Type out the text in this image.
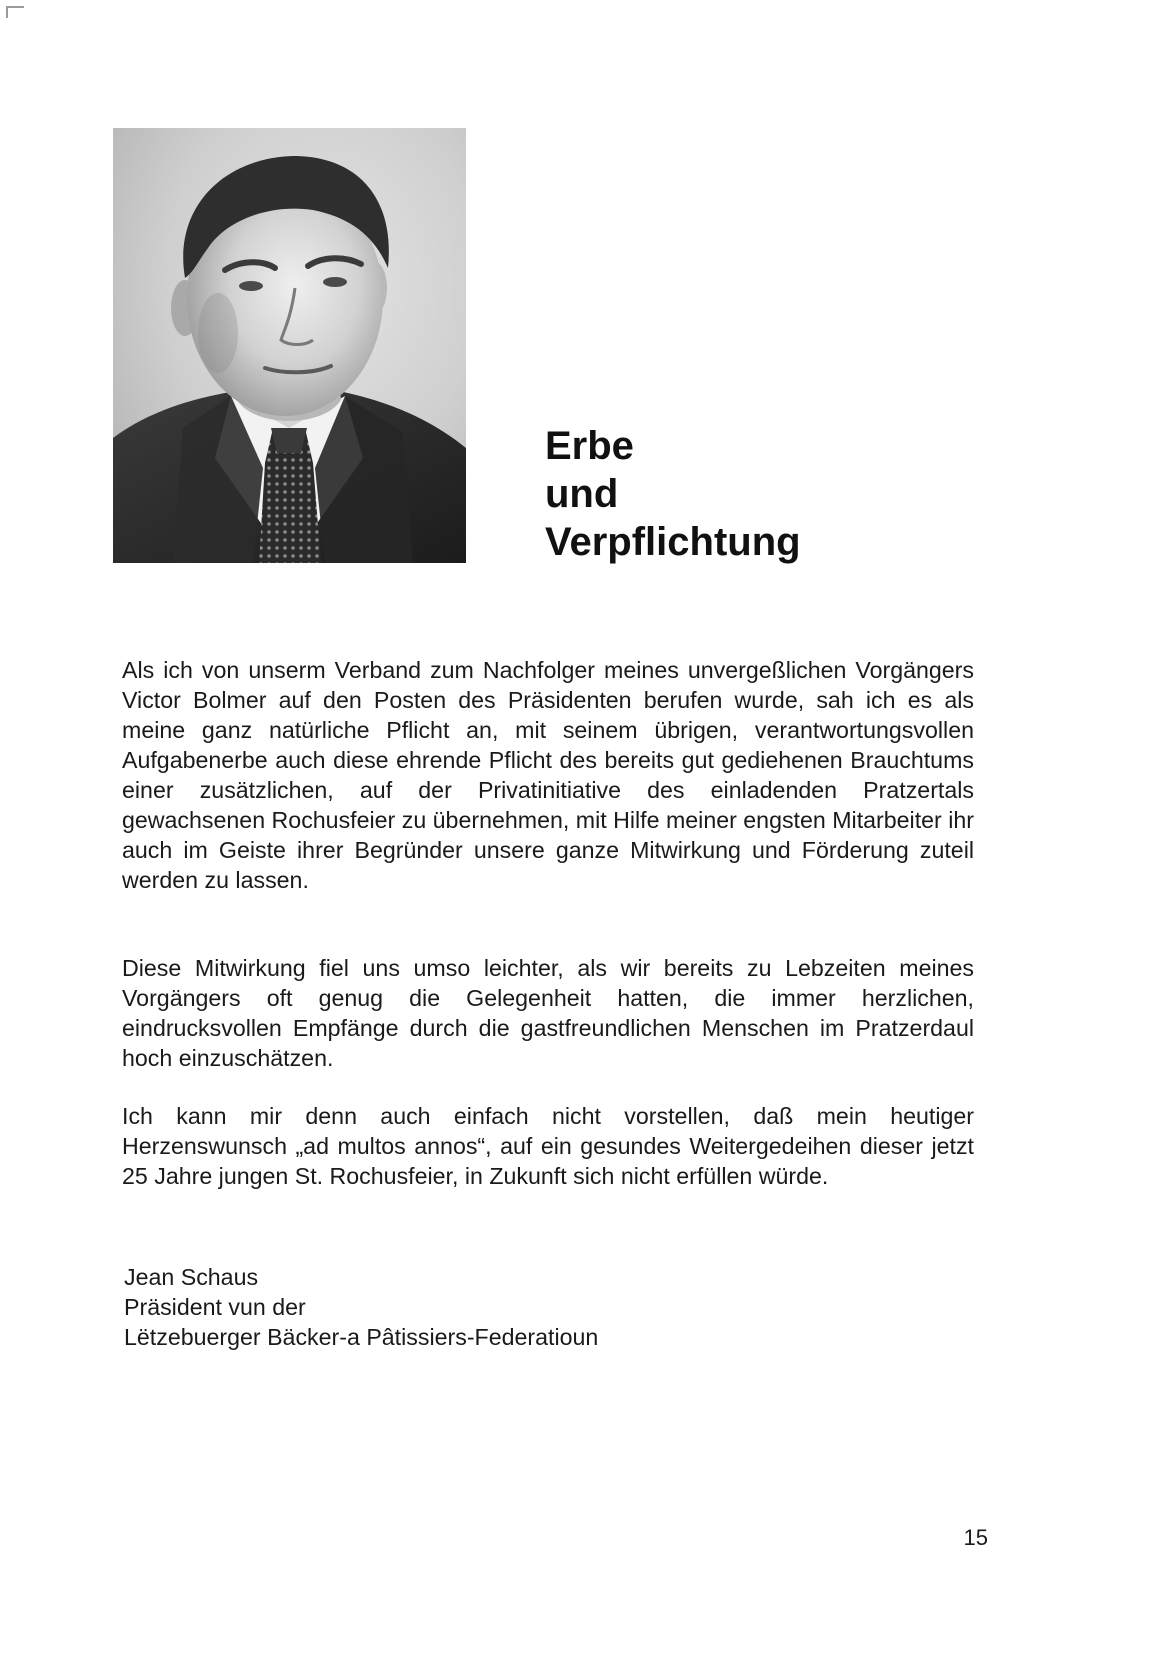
Erbe
und
Verpflichtung

Als ich von unserm Verband zum Nachfolger meines unvergeßlichen Vorgängers Victor Bolmer auf den Posten des Präsidenten berufen wurde, sah ich es als meine ganz natürliche Pflicht an, mit seinem übrigen, verantwortungsvollen Aufgabenerbe auch diese ehrende Pflicht des bereits gut gediehenen Brauchtums einer zusätzlichen, auf der Privatinitiative des einladenden Pratzertals gewachsenen Rochusfeier zu übernehmen, mit Hilfe meiner engsten Mitarbeiter ihr auch im Geiste ihrer Begründer unsere ganze Mitwirkung und Förderung zuteil werden zu lassen.

Diese Mitwirkung fiel uns umso leichter, als wir bereits zu Lebzeiten meines Vorgängers oft genug die Gelegenheit hatten, die immer herzlichen, eindrucksvollen Empfänge durch die gastfreundlichen Menschen im Pratzerdaul hoch einzuschätzen.

Ich kann mir denn auch einfach nicht vorstellen, daß mein heutiger Herzenswunsch „ad multos annos“, auf ein gesundes Weitergedeihen dieser jetzt 25 Jahre jungen St. Rochusfeier, in Zukunft sich nicht erfüllen würde.

Jean Schaus
Präsident vun der
Lëtzebuerger Bäcker-a Pâtissiers-Federatioun
15
